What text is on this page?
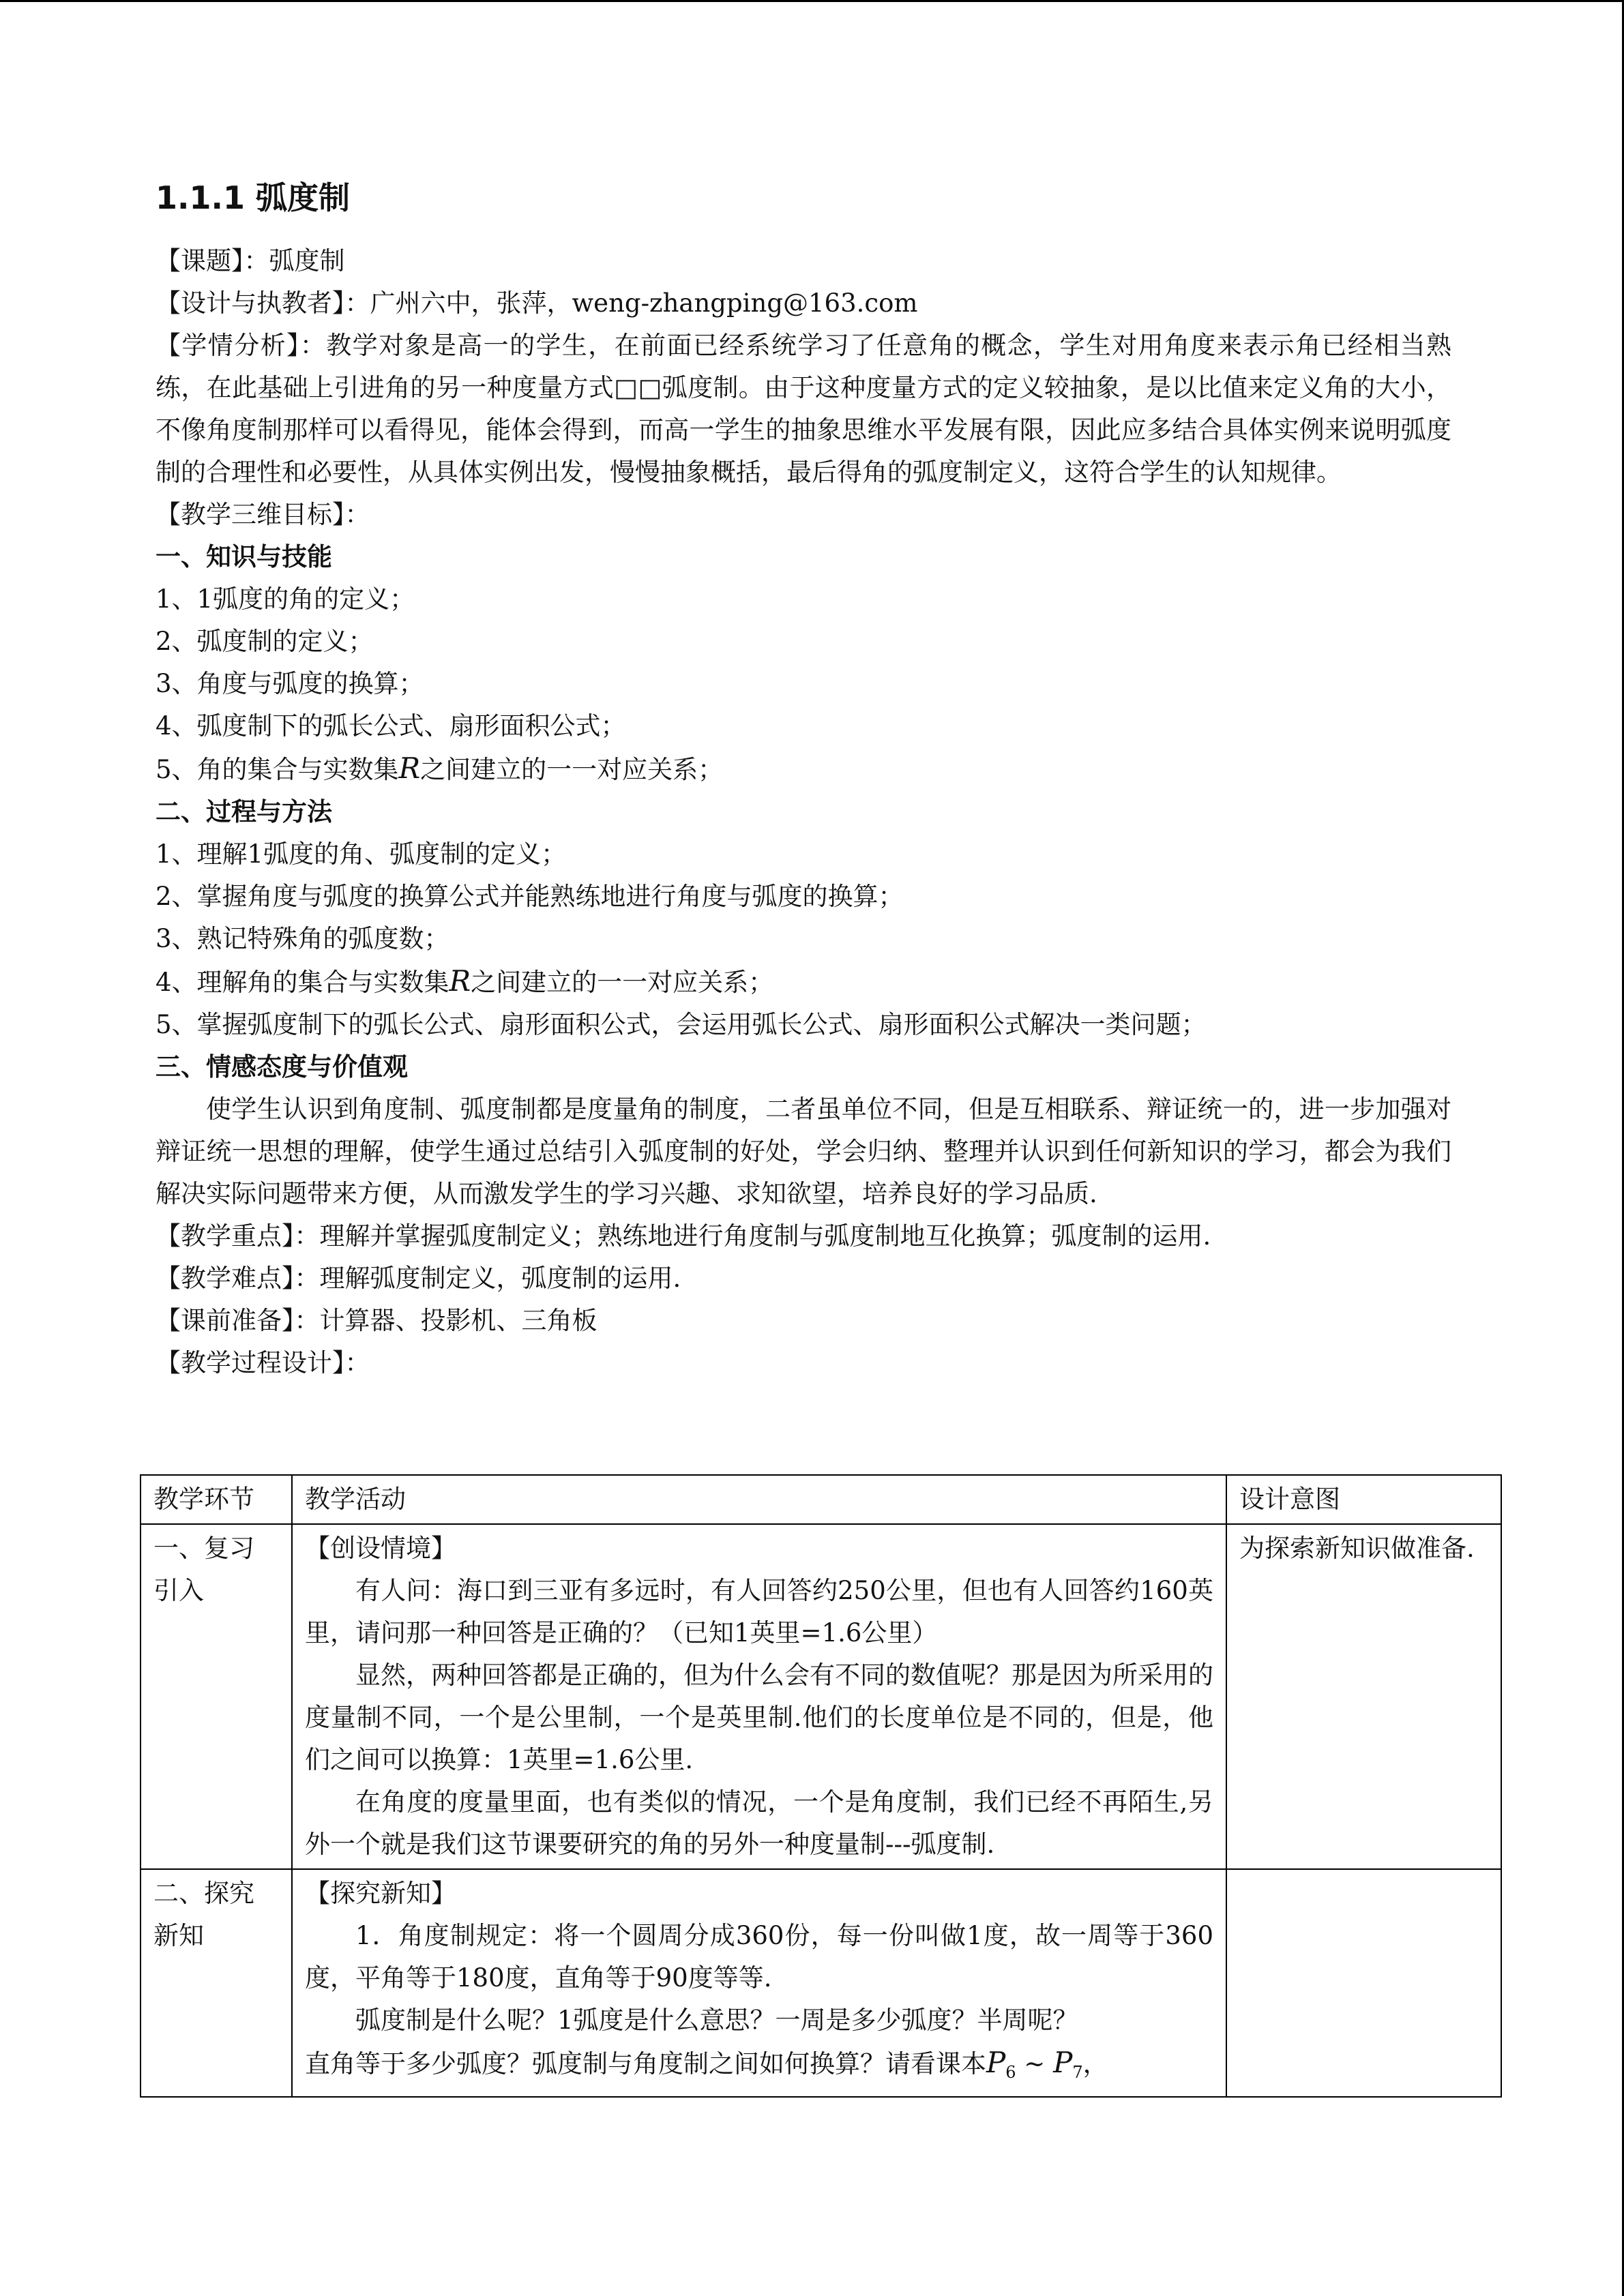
1.1.1 弧度制

【课题】：弧度制

【设计与执教者】：广州六中，张萍，weng-zhangping@163.com

【学情分析】：教学对象是高一的学生，在前面已经系统学习了任意角的概念，学生对用角度来表示角已经相当熟练，在此基础上引进角的另一种度量方式□□弧度制。由于这种度量方式的定义较抽象，是以比值来定义角的大小，不像角度制那样可以看得见，能体会得到，而高一学生的抽象思维水平发展有限，因此应多结合具体实例来说明弧度制的合理性和必要性，从具体实例出发，慢慢抽象概括，最后得角的弧度制定义，这符合学生的认知规律。

【教学三维目标】：

一、知识与技能

1、1弧度的角的定义；

2、弧度制的定义；

3、角度与弧度的换算；

4、弧度制下的弧长公式、扇形面积公式；

5、角的集合与实数集R之间建立的一一对应关系；

二、过程与方法

1、理解1弧度的角、弧度制的定义；

2、掌握角度与弧度的换算公式并能熟练地进行角度与弧度的换算；

3、熟记特殊角的弧度数；

4、理解角的集合与实数集R之间建立的一一对应关系；

5、掌握弧度制下的弧长公式、扇形面积公式，会运用弧长公式、扇形面积公式解决一类问题；

三、情感态度与价值观

使学生认识到角度制、弧度制都是度量角的制度，二者虽单位不同，但是互相联系、辩证统一的，进一步加强对辩证统一思想的理解，使学生通过总结引入弧度制的好处，学会归纳、整理并认识到任何新知识的学习，都会为我们解决实际问题带来方便，从而激发学生的学习兴趣、求知欲望，培养良好的学习品质.

【教学重点】：理解并掌握弧度制定义；熟练地进行角度制与弧度制地互化换算；弧度制的运用.

【教学难点】：理解弧度制定义，弧度制的运用.

【课前准备】：计算器、投影机、三角板

【教学过程设计】：

教学环节	教学活动	设计意图
一、复习引入	【创设情境】

有人问：海口到三亚有多远时，有人回答约250公里，但也有人回答约160英里，请问那一种回答是正确的？（已知1英里=1.6公里）

显然，两种回答都是正确的，但为什么会有不同的数值呢？那是因为所采用的度量制不同，一个是公里制，一个是英里制.他们的长度单位是不同的，但是，他们之间可以换算：1英里=1.6公里.

在角度的度量里面，也有类似的情况，一个是角度制，我们已经不再陌生,另外一个就是我们这节课要研究的角的另外一种度量制---弧度制.	为探索新知识做准备.
二、探究新知	【探究新知】

1．角度制规定：将一个圆周分成360份，每一份叫做1度，故一周等于360度，平角等于180度，直角等于90度等等.

弧度制是什么呢？1弧度是什么意思？一周是多少弧度？半周呢？

直角等于多少弧度？弧度制与角度制之间如何换算？请看课本$P_6$ ~ $P_7$，	
